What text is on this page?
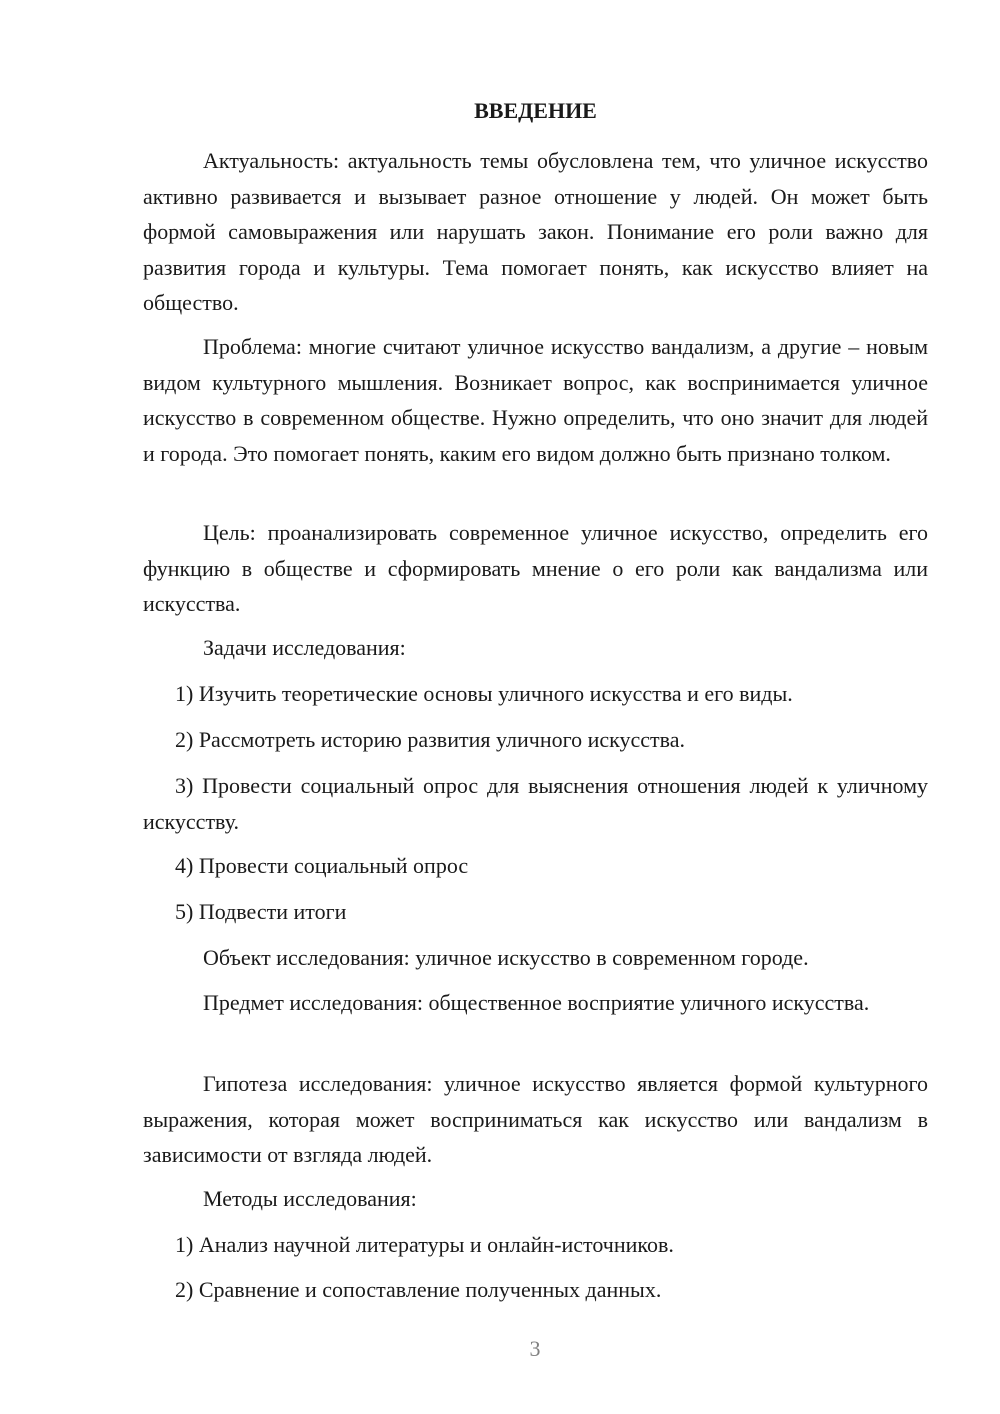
ВВЕДЕНИЕ

Актуальность: актуальность темы обусловлена тем, что уличное искусство активно развивается и вызывает разное отношение у людей. Он может быть формой самовыражения или нарушать закон. Понимание его роли важно для развития города и культуры. Тема помогает понять, как искусство влияет на общество.

Проблема: многие считают уличное искусство вандализм, а другие – новым видом культурного мышления. Возникает вопрос, как воспринимается уличное искусство в современном обществе. Нужно определить, что оно значит для людей и города. Это помогает понять, каким его видом должно быть признано толком.

Цель: проанализировать современное уличное искусство, определить его функцию в обществе и сформировать мнение о его роли как вандализма или искусства.

Задачи исследования:

1) Изучить теоретические основы уличного искусства и его виды.

2) Рассмотреть историю развития уличного искусства.

3) Провести социальный опрос для выяснения отношения людей к уличному искусству.

4) Провести социальный опрос

5) Подвести итоги

Объект исследования: уличное искусство в современном городе.

Предмет исследования: общественное восприятие уличного искусства.

Гипотеза исследования: уличное искусство является формой культурного выражения, которая может восприниматься как искусство или вандализм в зависимости от взгляда людей.

Методы исследования:

1) Анализ научной литературы и онлайн-источников.

2) Сравнение и сопоставление полученных данных.

3
